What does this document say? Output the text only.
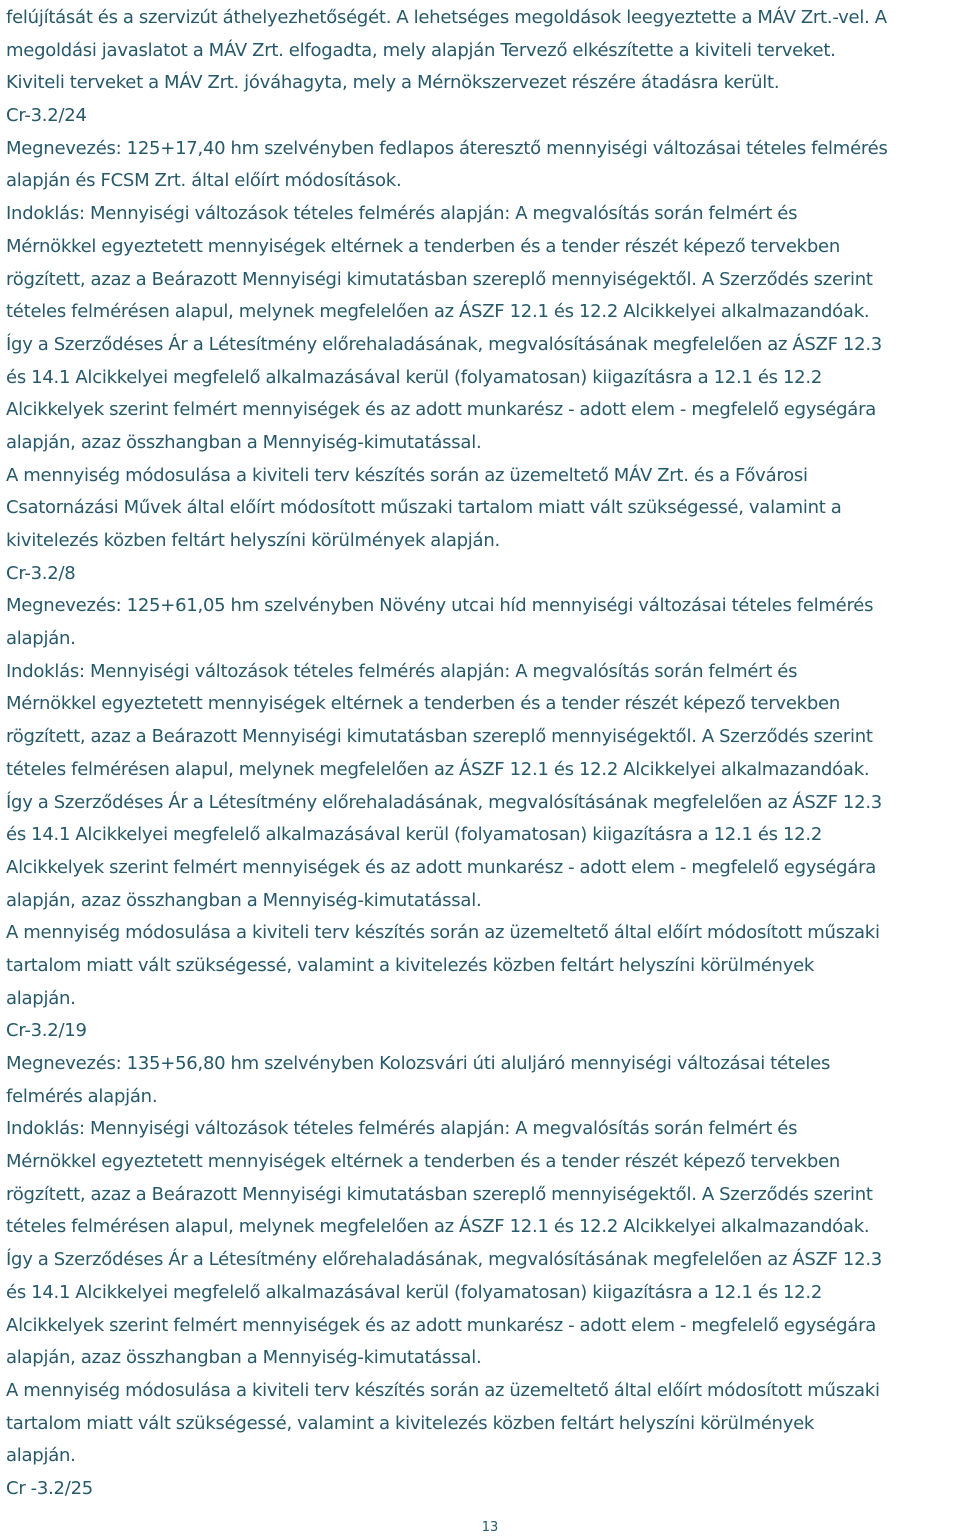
felújítását és a szervizút áthelyezhetőségét. A lehetséges megoldások leegyeztette a MÁV Zrt.-vel. A
megoldási javaslatot a MÁV Zrt. elfogadta, mely alapján Tervező elkészítette a kiviteli terveket.
Kiviteli terveket a MÁV Zrt. jóváhagyta, mely a Mérnökszervezet részére átadásra került.
Cr-3.2/24
Megnevezés: 125+17,40 hm szelvényben fedlapos áteresztő mennyiségi változásai tételes felmérés
alapján és FCSM Zrt. által előírt módosítások.
Indoklás: Mennyiségi változások tételes felmérés alapján: A megvalósítás során felmért és
Mérnökkel egyeztetett mennyiségek eltérnek a tenderben és a tender részét képező tervekben
rögzített, azaz a Beárazott Mennyiségi kimutatásban szereplő mennyiségektől. A Szerződés szerint
tételes felmérésen alapul, melynek megfelelően az ÁSZF 12.1 és 12.2 Alcikkelyei alkalmazandóak.
Így a Szerződéses Ár a Létesítmény előrehaladásának, megvalósításának megfelelően az ÁSZF 12.3
és 14.1 Alcikkelyei megfelelő alkalmazásával kerül (folyamatosan) kiigazításra a 12.1 és 12.2
Alcikkelyek szerint felmért mennyiségek és az adott munkarész - adott elem - megfelelő egységára
alapján, azaz összhangban a Mennyiség-kimutatással.
A mennyiség módosulása a kiviteli terv készítés során az üzemeltető MÁV Zrt. és a Fővárosi
Csatornázási Művek által előírt módosított műszaki tartalom miatt vált szükségessé, valamint a
kivitelezés közben feltárt helyszíni körülmények alapján.
Cr-3.2/8
Megnevezés: 125+61,05 hm szelvényben Növény utcai híd mennyiségi változásai tételes felmérés
alapján.
Indoklás: Mennyiségi változások tételes felmérés alapján: A megvalósítás során felmért és
Mérnökkel egyeztetett mennyiségek eltérnek a tenderben és a tender részét képező tervekben
rögzített, azaz a Beárazott Mennyiségi kimutatásban szereplő mennyiségektől. A Szerződés szerint
tételes felmérésen alapul, melynek megfelelően az ÁSZF 12.1 és 12.2 Alcikkelyei alkalmazandóak.
Így a Szerződéses Ár a Létesítmény előrehaladásának, megvalósításának megfelelően az ÁSZF 12.3
és 14.1 Alcikkelyei megfelelő alkalmazásával kerül (folyamatosan) kiigazításra a 12.1 és 12.2
Alcikkelyek szerint felmért mennyiségek és az adott munkarész - adott elem - megfelelő egységára
alapján, azaz összhangban a Mennyiség-kimutatással.
A mennyiség módosulása a kiviteli terv készítés során az üzemeltető által előírt módosított műszaki
tartalom miatt vált szükségessé, valamint a kivitelezés közben feltárt helyszíni körülmények
alapján.
Cr-3.2/19
Megnevezés: 135+56,80 hm szelvényben Kolozsvári úti aluljáró mennyiségi változásai tételes
felmérés alapján.
Indoklás: Mennyiségi változások tételes felmérés alapján: A megvalósítás során felmért és
Mérnökkel egyeztetett mennyiségek eltérnek a tenderben és a tender részét képező tervekben
rögzített, azaz a Beárazott Mennyiségi kimutatásban szereplő mennyiségektől. A Szerződés szerint
tételes felmérésen alapul, melynek megfelelően az ÁSZF 12.1 és 12.2 Alcikkelyei alkalmazandóak.
Így a Szerződéses Ár a Létesítmény előrehaladásának, megvalósításának megfelelően az ÁSZF 12.3
és 14.1 Alcikkelyei megfelelő alkalmazásával kerül (folyamatosan) kiigazításra a 12.1 és 12.2
Alcikkelyek szerint felmért mennyiségek és az adott munkarész - adott elem - megfelelő egységára
alapján, azaz összhangban a Mennyiség-kimutatással.
A mennyiség módosulása a kiviteli terv készítés során az üzemeltető által előírt módosított műszaki
tartalom miatt vált szükségessé, valamint a kivitelezés közben feltárt helyszíni körülmények
alapján.
Cr -3.2/25
13
